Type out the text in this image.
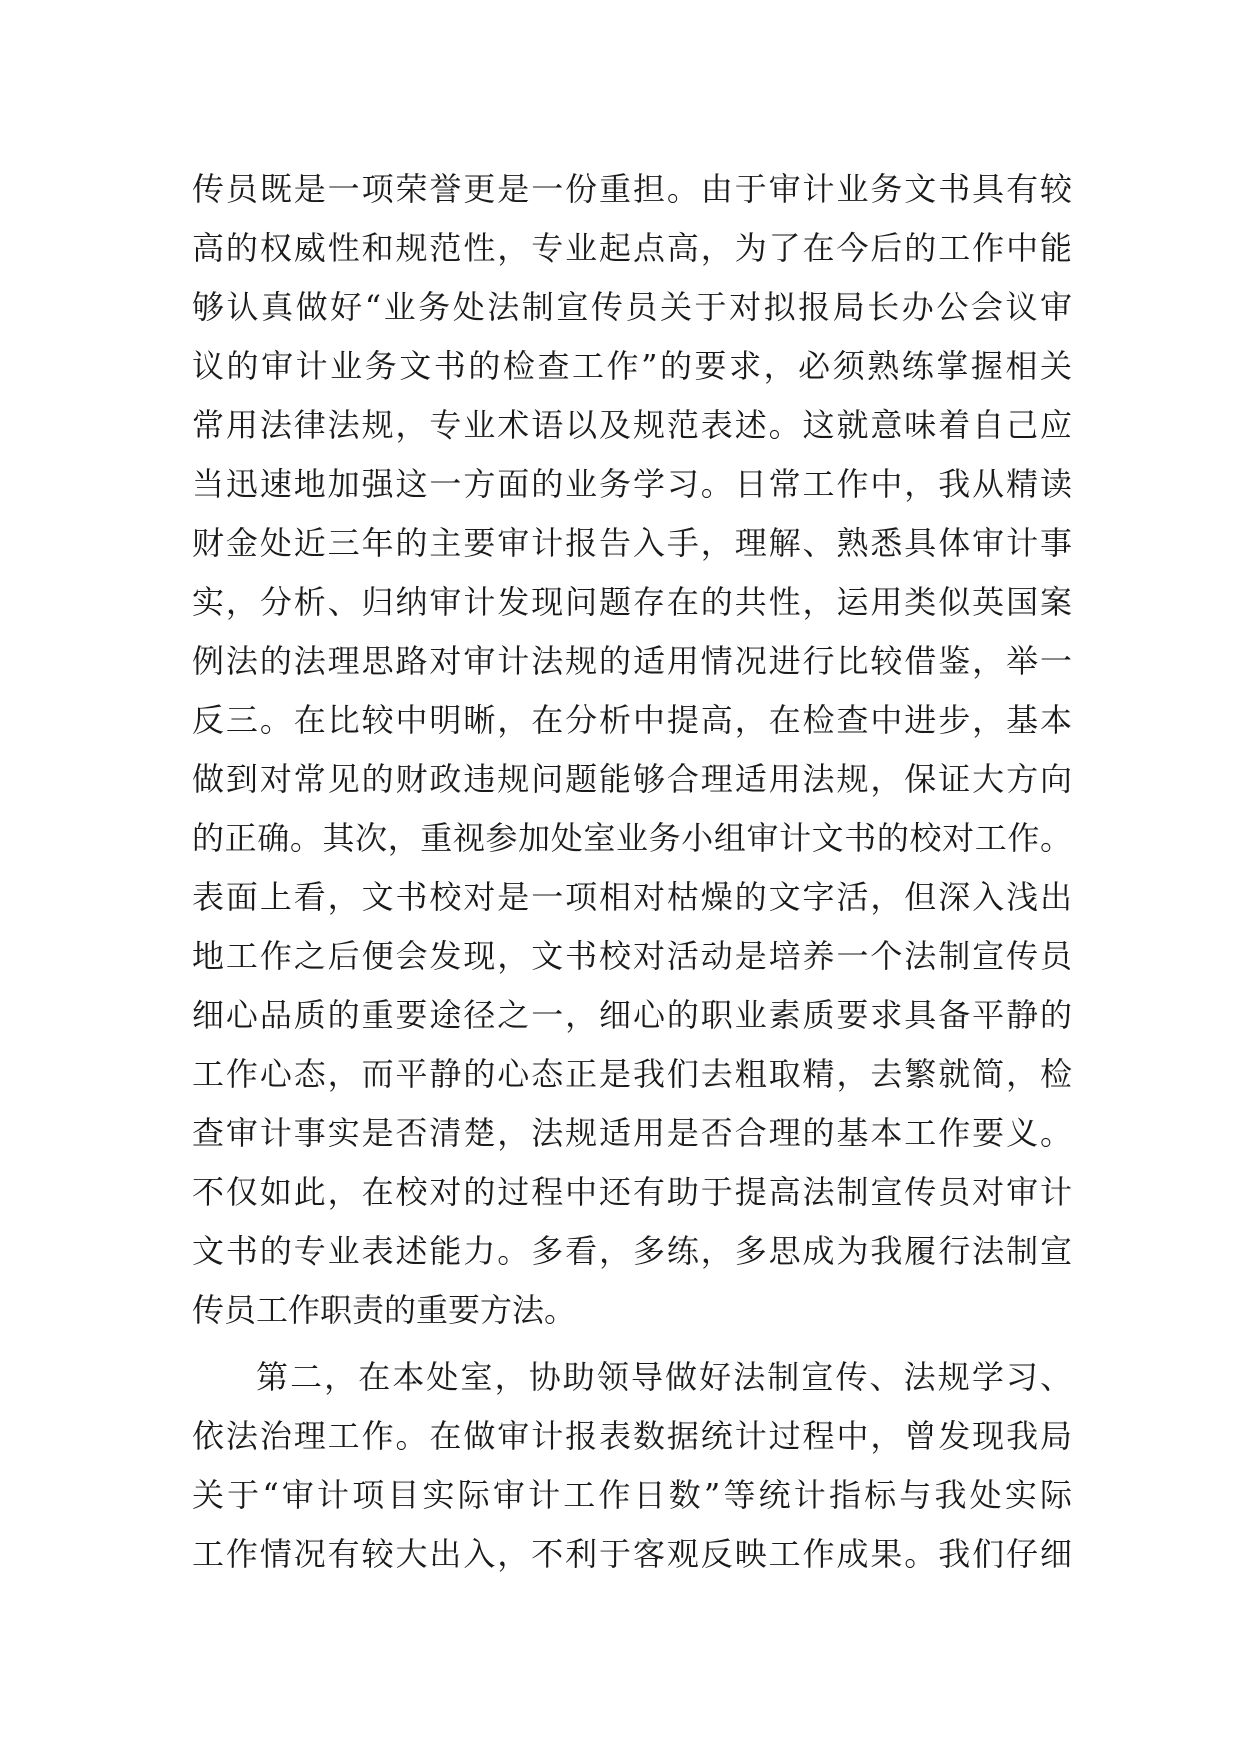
传员既是一项荣誉更是一份重担。由于审计业务文书具有较
高的权威性和规范性，专业起点高，为了在今后的工作中能
够认真做好“业务处法制宣传员关于对拟报局长办公会议审
议的审计业务文书的检查工作”的要求，必须熟练掌握相关
常用法律法规，专业术语以及规范表述。这就意味着自己应
当迅速地加强这一方面的业务学习。日常工作中，我从精读
财金处近三年的主要审计报告入手，理解、熟悉具体审计事
实，分析、归纳审计发现问题存在的共性，运用类似英国案
例法的法理思路对审计法规的适用情况进行比较借鉴，举一
反三。在比较中明晰，在分析中提高，在检查中进步，基本
做到对常见的财政违规问题能够合理适用法规，保证大方向
的正确。其次，重视参加处室业务小组审计文书的校对工作。
表面上看，文书校对是一项相对枯燥的文字活，但深入浅出
地工作之后便会发现，文书校对活动是培养一个法制宣传员
细心品质的重要途径之一，细心的职业素质要求具备平静的
工作心态，而平静的心态正是我们去粗取精，去繁就简，检
查审计事实是否清楚，法规适用是否合理的基本工作要义。
不仅如此，在校对的过程中还有助于提高法制宣传员对审计
文书的专业表述能力。多看，多练，多思成为我履行法制宣
传员工作职责的重要方法。
第二，在本处室，协助领导做好法制宣传、法规学习、
依法治理工作。在做审计报表数据统计过程中，曾发现我局
关于“审计项目实际审计工作日数”等统计指标与我处实际
工作情况有较大出入，不利于客观反映工作成果。我们仔细
